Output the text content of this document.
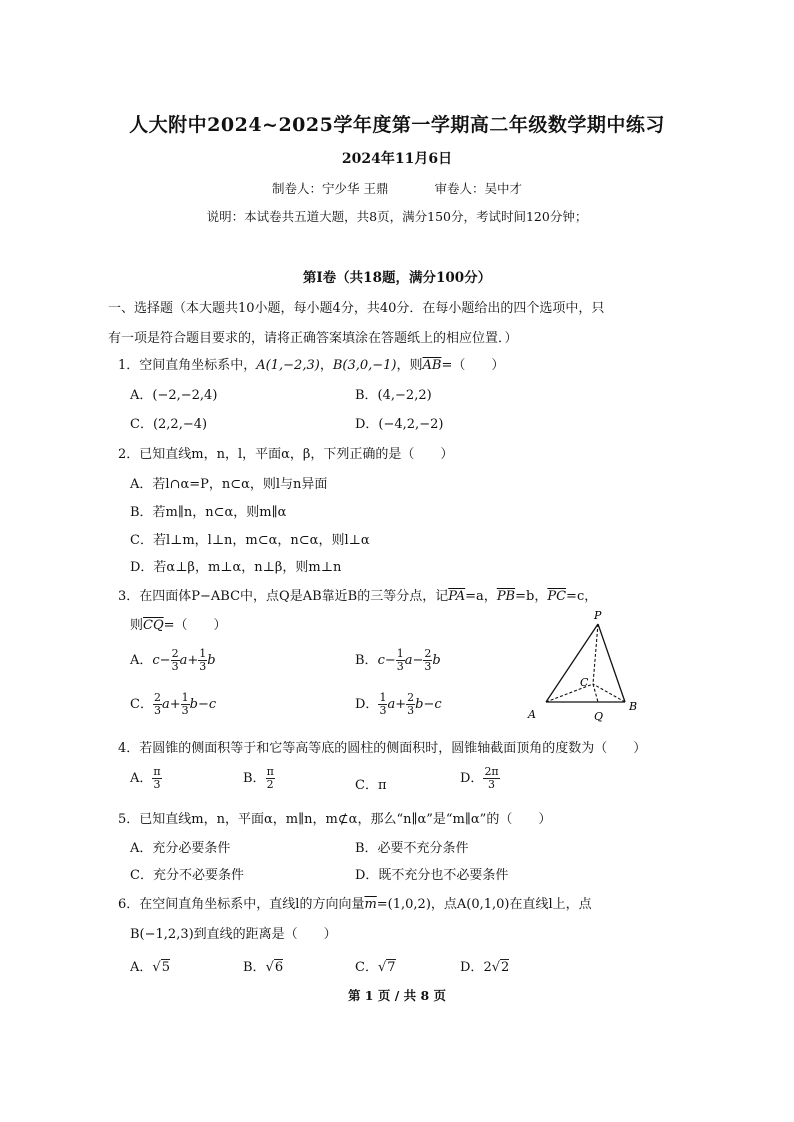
人大附中2024~2025学年度第一学期高二年级数学期中练习
2024年11月6日
制卷人：宁少华 王鼎	审卷人：吴中才
说明：本试卷共五道大题，共8页，满分150分，考试时间120分钟；
第I卷（共18题，满分100分）
一、选择题（本大题共10小题，每小题4分，共40分．在每小题给出的四个选项中，只
有一项是符合题目要求的，请将正确答案填涂在答题纸上的相应位置．）
1．空间直角坐标系中，A(1,−2,3)，B(3,0,−1)，则$\overline{AB}=$（　　）
A．(−2,−2,4)	B．(4,−2,2)
C．(2,2,−4)	D．(−4,2,−2)
2．已知直线m，n，l，平面α，β，下列正确的是（　　）
A．若l∩α=P，n⊂α，则l与n异面
B．若m∥n，n⊂α，则m∥α
C．若l⊥m，l⊥n，m⊂α，n⊂α，则l⊥α
D．若α⊥β，m⊥α，n⊥β，则m⊥n
3．在四面体P−ABC中，点Q是AB靠近B的三等分点，记$\overline{PA}=a$，$\overline{PB}=b$，$\overline{PC}=c$，
则$\overline{CQ}=$（　　）
A．$c- \frac{2}{3} a+ \frac{1}{3}$ b	B．$c- \frac{1}{3} a- \frac{2}{3}$ b
C． $\frac{2}{3} a+ \frac{1}{3} b-c$	D． $\frac{1}{3} a+ \frac{2}{3} b-c$
P
A
B
C
Q
4．若圆锥的侧面积等于和它等高等底的圆柱的侧面积时，圆锥轴截面顶角的度数为（　　）
A． $\frac{\pi}{3}$	B． $\frac{\pi}{2}$	C．π	D． $\frac{2\pi}{3}$
5．已知直线m，n，平面α，m∥n，m⊄α，那么“n∥α”是“m∥α”的（　　）
A．充分必要条件	B．必要不充分条件
C．充分不必要条件	D．既不充分也不必要条件
6．在空间直角坐标系中，直线l的方向向量$\overline{m}=(1,0,2)$，点A(0,1,0)在直线l上，点
B(−1,2,3)到直线的距离是（　　）
A．√5	B．√6	C．√7	D．2√2
第 1 页 / 共 8 页
